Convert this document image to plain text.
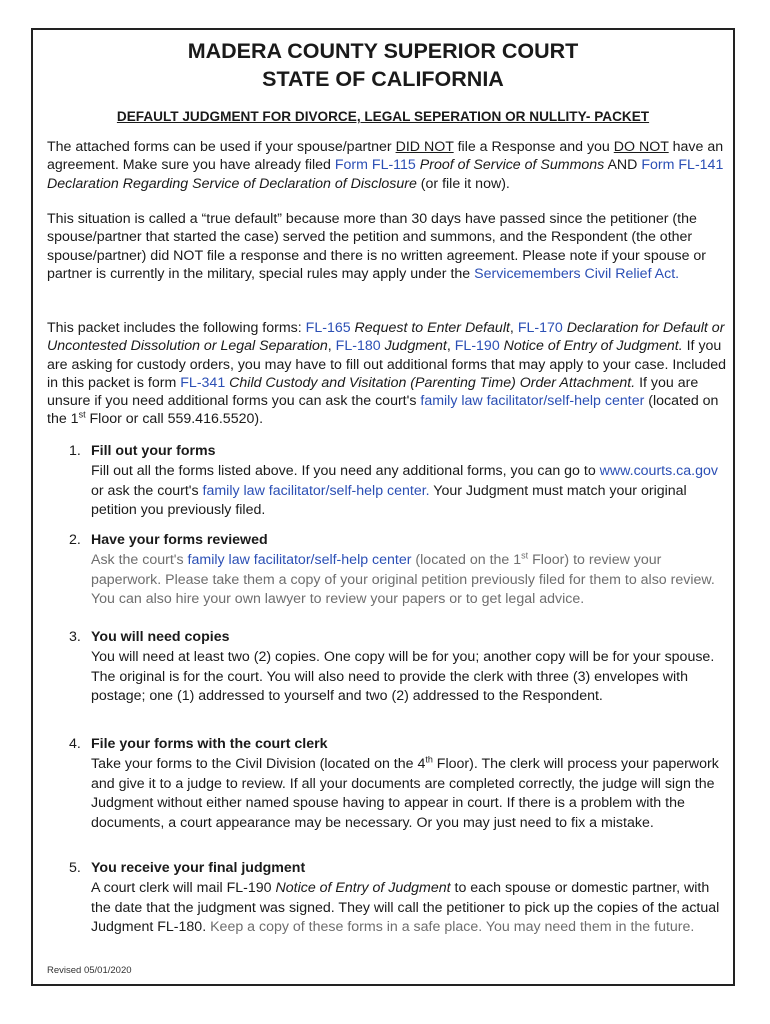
MADERA COUNTY SUPERIOR COURT
STATE OF CALIFORNIA
DEFAULT JUDGMENT FOR DIVORCE, LEGAL SEPERATION OR NULLITY- PACKET

The attached forms can be used if your spouse/partner DID NOT file a Response and you DO NOT have an agreement. Make sure you have already filed Form FL-115 Proof of Service of Summons AND Form FL-141 Declaration Regarding Service of Declaration of Disclosure (or file it now).

This situation is called a “true default” because more than 30 days have passed since the petitioner (the spouse/partner that started the case) served the petition and summons, and the Respondent (the other spouse/partner) did NOT file a response and there is no written agreement. Please note if your spouse or partner is currently in the military, special rules may apply under the Servicemembers Civil Relief Act.

This packet includes the following forms: FL-165 Request to Enter Default, FL-170 Declaration for Default or Uncontested Dissolution or Legal Separation, FL-180 Judgment, FL-190 Notice of Entry of Judgment. If you are asking for custody orders, you may have to fill out additional forms that may apply to your case. Included in this packet is form FL-341 Child Custody and Visitation (Parenting Time) Order Attachment. If you are unsure if you need additional forms you can ask the court's family law facilitator/self-help center (located on the 1st Floor or call 559.416.5520).

1. Fill out your forms
Fill out all the forms listed above. If you need any additional forms, you can go to www.courts.ca.gov or ask the court's family law facilitator/self-help center. Your Judgment must match your original petition you previously filed.
2. Have your forms reviewed
Ask the court's family law facilitator/self-help center (located on the 1st Floor) to review your paperwork. Please take them a copy of your original petition previously filed for them to also review. You can also hire your own lawyer to review your papers or to get legal advice.
3. You will need copies
You will need at least two (2) copies. One copy will be for you; another copy will be for your spouse. The original is for the court. You will also need to provide the clerk with three (3) envelopes with postage; one (1) addressed to yourself and two (2) addressed to the Respondent.
4. File your forms with the court clerk
Take your forms to the Civil Division (located on the 4th Floor). The clerk will process your paperwork and give it to a judge to review. If all your documents are completed correctly, the judge will sign the Judgment without either named spouse having to appear in court. If there is a problem with the documents, a court appearance may be necessary. Or you may just need to fix a mistake.
5. You receive your final judgment
A court clerk will mail FL-190 Notice of Entry of Judgment to each spouse or domestic partner, with the date that the judgment was signed. They will call the petitioner to pick up the copies of the actual Judgment FL-180. Keep a copy of these forms in a safe place. You may need them in the future.
Revised 05/01/2020
